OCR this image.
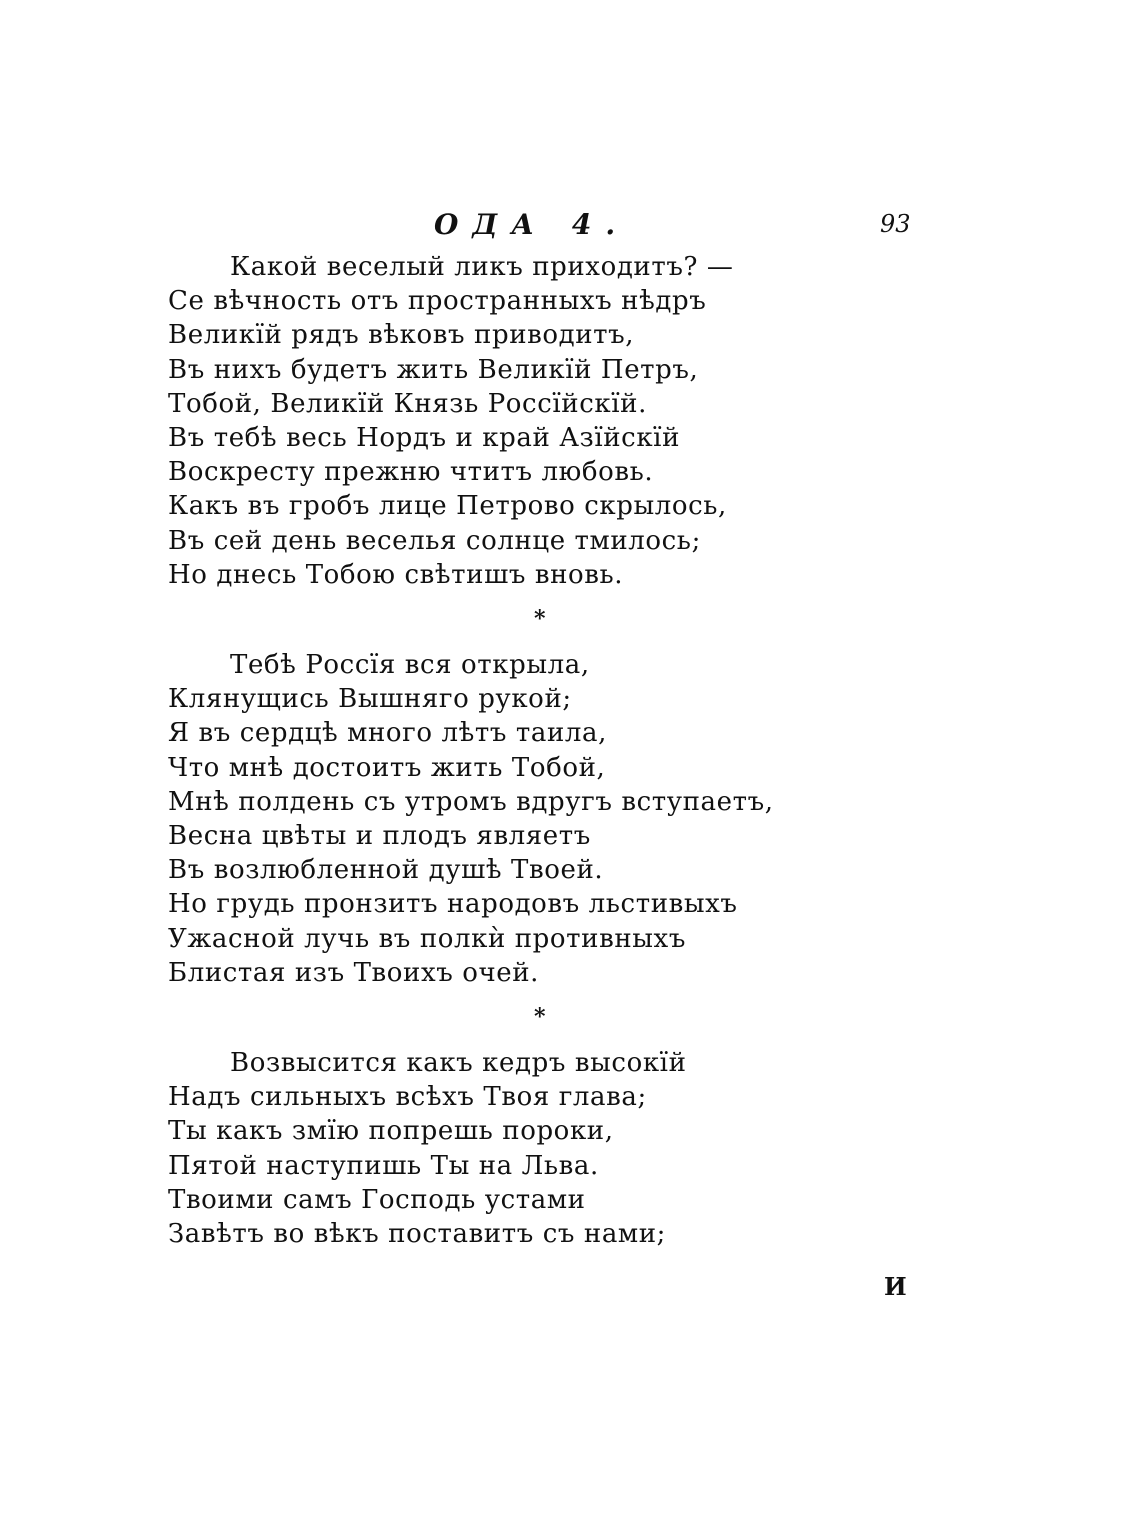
ОДА 4.	93
Какой веселый ликъ приходитъ? —
Се вѣчность отъ пространныхъ нѣдръ
Великїй рядъ вѣковъ приводитъ,
Въ нихъ будетъ жить Великїй Петръ,
Тобой, Великїй Князь Россїйскїй.
Въ тебѣ весь Нордъ и край Азїйскїй
Воскресту прежню чтитъ любовь.
Какъ въ гробъ лице Петрово скрылось,
Въ сей день веселья солнце тмилось;
Но днесь Тобою свѣтишъ вновь.
*
Тебѣ Россїя вся открыла,
Клянущись Вышняго рукой;
Я въ сердцѣ много лѣтъ таила,
Что мнѣ достоитъ жить Тобой,
Мнѣ полдень съ утромъ вдругъ вступаетъ,
Весна цвѣты и плодъ являетъ
Въ возлюбленной душѣ Твоей.
Но грудь пронзитъ народовъ льстивыхъ
Ужасной лучь въ полкѝ противныхъ
Блистая изъ Твоихъ очей.
*
Возвысится какъ кедръ высокїй
Надъ сильныхъ всѣхъ Твоя глава;
Ты какъ змїю попрешь пороки,
Пятой наступишь Ты на Льва.
Твоими самъ Господь устами
Завѣтъ во вѣкъ поставитъ съ нами;
И
